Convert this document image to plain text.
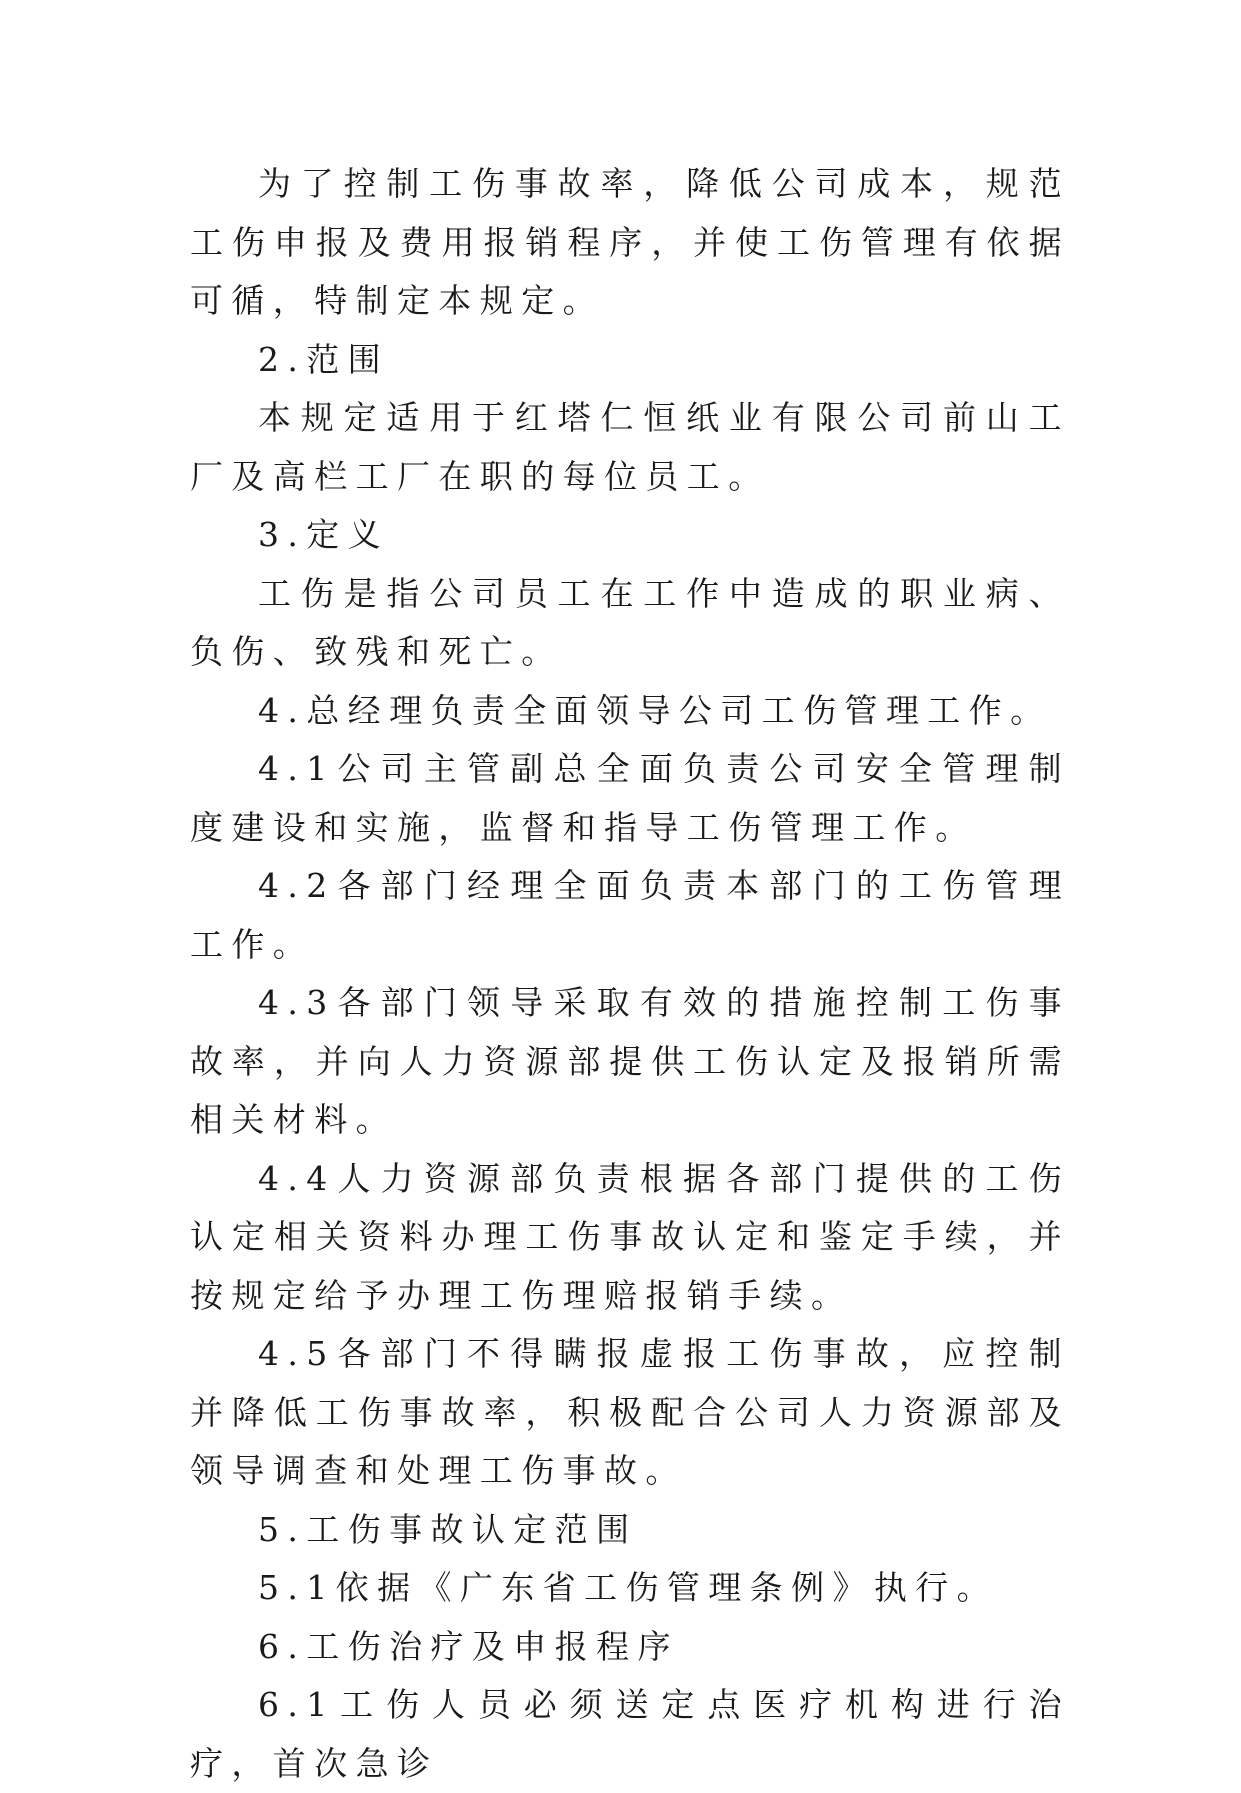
为了控制工伤事故率，降低公司成本，规范工伤申报及费用报销程序，并使工伤管理有依据可循，特制定本规定。

2.范围

本规定适用于红塔仁恒纸业有限公司前山工厂及高栏工厂在职的每位员工。

3.定义

工伤是指公司员工在工作中造成的职业病、负伤、致残和死亡。

4.总经理负责全面领导公司工伤管理工作。

4.1公司主管副总全面负责公司安全管理制度建设和实施，监督和指导工伤管理工作。

4.2各部门经理全面负责本部门的工伤管理工作。

4.3各部门领导采取有效的措施控制工伤事故率，并向人力资源部提供工伤认定及报销所需相关材料。

4.4人力资源部负责根据各部门提供的工伤认定相关资料办理工伤事故认定和鉴定手续，并按规定给予办理工伤理赔报销手续。

4.5各部门不得瞒报虚报工伤事故，应控制并降低工伤事故率，积极配合公司人力资源部及领导调查和处理工伤事故。

5.工伤事故认定范围

5.1依据《广东省工伤管理条例》执行。

6.工伤治疗及申报程序

6.1工伤人员必须送定点医疗机构进行治疗，首次急诊
